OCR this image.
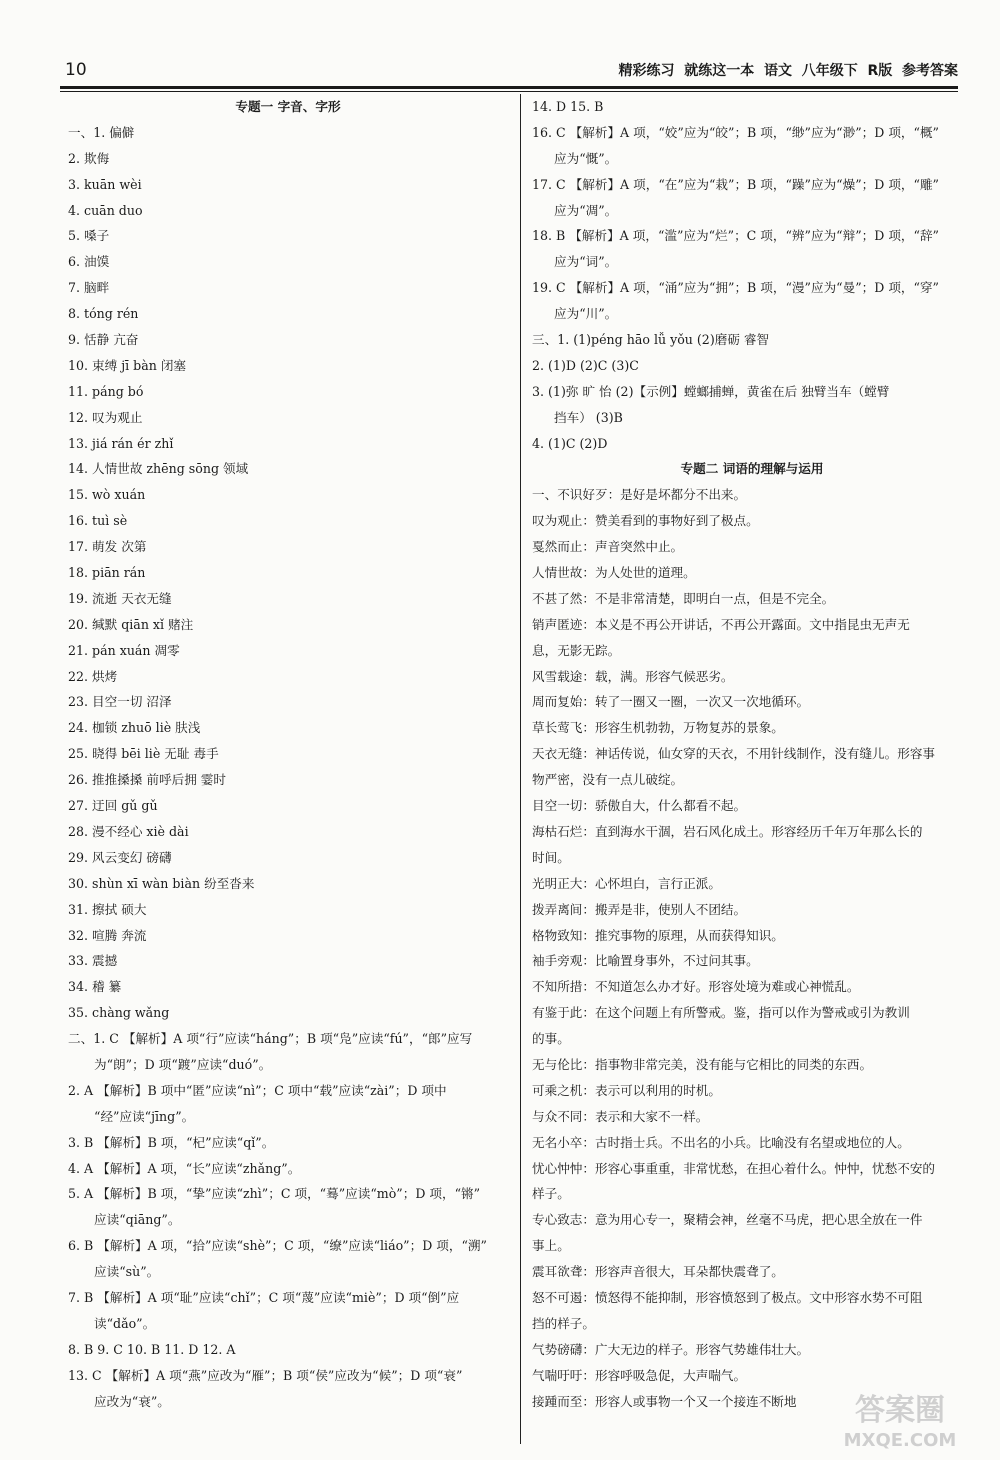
10	精彩练习  就练这一本  语文  八年级下  R版  参考答案
专题一 字音、字形
一、1. 偏僻
2. 欺侮
3. kuān wèi
4. cuān duo
5. 嗓子
6. 油馍
7. 脑畔
8. tóng rén
9. 恬静 亢奋
10. 束缚 jī bàn 闭塞
11. páng bó
12. 叹为观止
13. jiá rán ér zhǐ
14. 人情世故 zhēng sōng 领域
15. wò xuán
16. tuì sè
17. 萌发 次第
18. piān rán
19. 流逝 天衣无缝
20. 缄默 qiān xǐ 赌注
21. pán xuán 凋零
22. 烘烤
23. 目空一切 沼泽
24. 枷锁 zhuō liè 肤浅
25. 晓得 bēi liè 无耻 毒手
26. 推推搡搡 前呼后拥 霎时
27. 迂回 gǔ gǔ
28. 漫不经心 xiè dài
29. 风云变幻 磅礴
30. shùn xī wàn biàn 纷至沓来
31. 擦拭 硕大
32. 喧腾 奔流
33. 震撼
34. 稽 纂
35. chàng wǎng
二、1. C 【解析】A 项“行”应读“háng”；B 项“凫”应读“fú”，“郎”应写
为“朗”；D 项“踱”应读“duó”。
2. A 【解析】B 项中“匿”应读“nì”；C 项中“载”应读“zài”；D 项中
“经”应读“jīng”。
3. B 【解析】B 项，“杞”应读“qǐ”。
4. A 【解析】A 项，“长”应读“zhǎng”。
5. A 【解析】B 项，“挚”应读“zhì”；C 项，“蓦”应读“mò”；D 项，“锵”
应读“qiāng”。
6. B 【解析】A 项，“拾”应读“shè”；C 项，“缭”应读“liáo”；D 项，“溯”
应读“sù”。
7. B 【解析】A 项“耻”应读“chǐ”；C 项“蔑”应读“miè”；D 项“倒”应
读“dǎo”。
8. B 9. C 10. B 11. D 12. A
13. C 【解析】A 项“燕”应改为“雁”；B 项“侯”应改为“候”；D 项“衰”
应改为“衰”。
14. D 15. B
16. C 【解析】A 项，“姣”应为“皎”；B 项，“缈”应为“渺”；D 项，“概”
应为“慨”。
17. C 【解析】A 项，“在”应为“栽”；B 项，“躁”应为“燥”；D 项，“雕”
应为“凋”。
18. B 【解析】A 项，“滥”应为“烂”；C 项，“辨”应为“辩”；D 项，“辞”
应为“词”。
19. C 【解析】A 项，“涌”应为“拥”；B 项，“漫”应为“曼”；D 项，“穿”
应为“川”。
三、1. (1)péng hāo lǚ yǒu (2)磨砺 睿智
2. (1)D (2)C (3)C
3. (1)弥 旷 怡 (2)【示例】螳螂捕蝉，黄雀在后 独臂当车（螳臂
挡车） (3)B
4. (1)C (2)D
专题二 词语的理解与运用
一、不识好歹：是好是坏都分不出来。
叹为观止：赞美看到的事物好到了极点。
戛然而止：声音突然中止。
人情世故：为人处世的道理。
不甚了然：不是非常清楚，即明白一点，但是不完全。
销声匿迹：本义是不再公开讲话，不再公开露面。文中指昆虫无声无
息，无影无踪。
风雪载途：载，满。形容气候恶劣。
周而复始：转了一圈又一圈，一次又一次地循环。
草长莺飞：形容生机勃勃，万物复苏的景象。
天衣无缝：神话传说，仙女穿的天衣，不用针线制作，没有缝儿。形容事
物严密，没有一点儿破绽。
目空一切：骄傲自大，什么都看不起。
海枯石烂：直到海水干涸，岩石风化成土。形容经历千年万年那么长的
时间。
光明正大：心怀坦白，言行正派。
拨弄离间：搬弄是非，使别人不团结。
格物致知：推究事物的原理，从而获得知识。
袖手旁观：比喻置身事外，不过问其事。
不知所措：不知道怎么办才好。形容处境为难或心神慌乱。
有鉴于此：在这个问题上有所警戒。鉴，指可以作为警戒或引为教训
的事。
无与伦比：指事物非常完美，没有能与它相比的同类的东西。
可乘之机：表示可以利用的时机。
与众不同：表示和大家不一样。
无名小卒：古时指士兵。不出名的小兵。比喻没有名望或地位的人。
忧心忡忡：形容心事重重，非常忧愁，在担心着什么。忡忡，忧愁不安的
样子。
专心致志：意为用心专一，聚精会神，丝毫不马虎，把心思全放在一件
事上。
震耳欲聋：形容声音很大，耳朵都快震聋了。
怒不可遏：愤怒得不能抑制，形容愤怒到了极点。文中形容水势不可阻
挡的样子。
气势磅礴：广大无边的样子。形容气势雄伟壮大。
气喘吁吁：形容呼吸急促，大声喘气。
接踵而至：形容人或事物一个又一个接连不断地	答案圈
MXQE.COM
